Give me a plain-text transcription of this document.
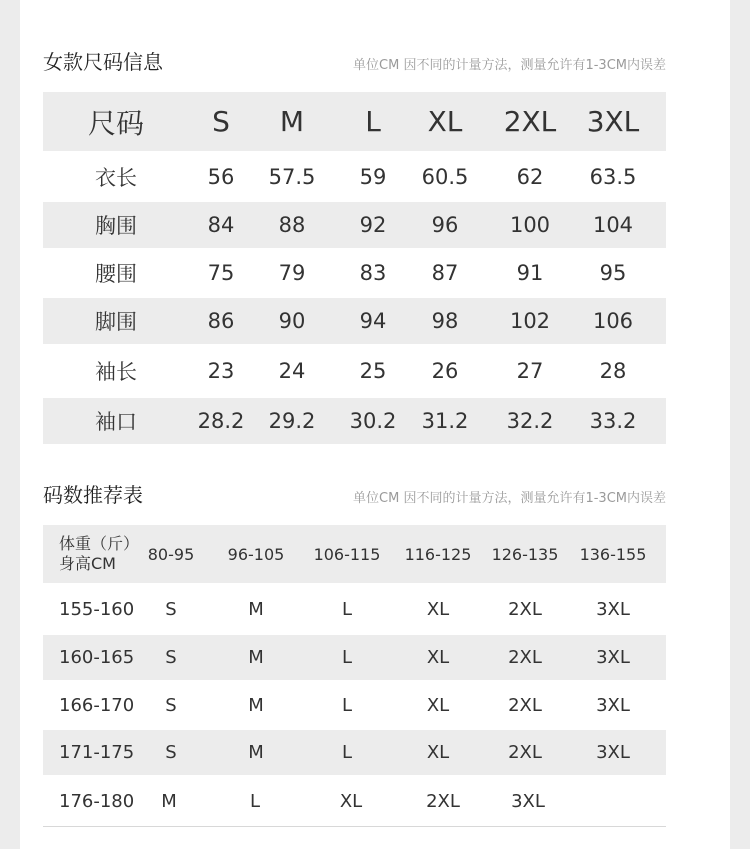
女款尺码信息	单位CM 因不同的计量方法，测量允许有1-3CM内误差
尺码	S	M	L	XL	2XL	3XL
衣长	56	57.5	59	60.5	62	63.5
胸围	84	88	92	96	100	104
腰围	75	79	83	87	91	95
脚围	86	90	94	98	102	106
袖长	23	24	25	26	27	28
袖口	28.2	29.2	30.2	31.2	32.2	33.2
码数推荐表	单位CM 因不同的计量方法，测量允许有1-3CM内误差
体重（斤）
身高CM	80-95	96-105	106-115	116-125	126-135	136-155
155-160	S	M	L	XL	2XL	3XL
160-165	S	M	L	XL	2XL	3XL
166-170	S	M	L	XL	2XL	3XL
171-175	S	M	L	XL	2XL	3XL
176-180	M	L	XL	2XL	3XL
